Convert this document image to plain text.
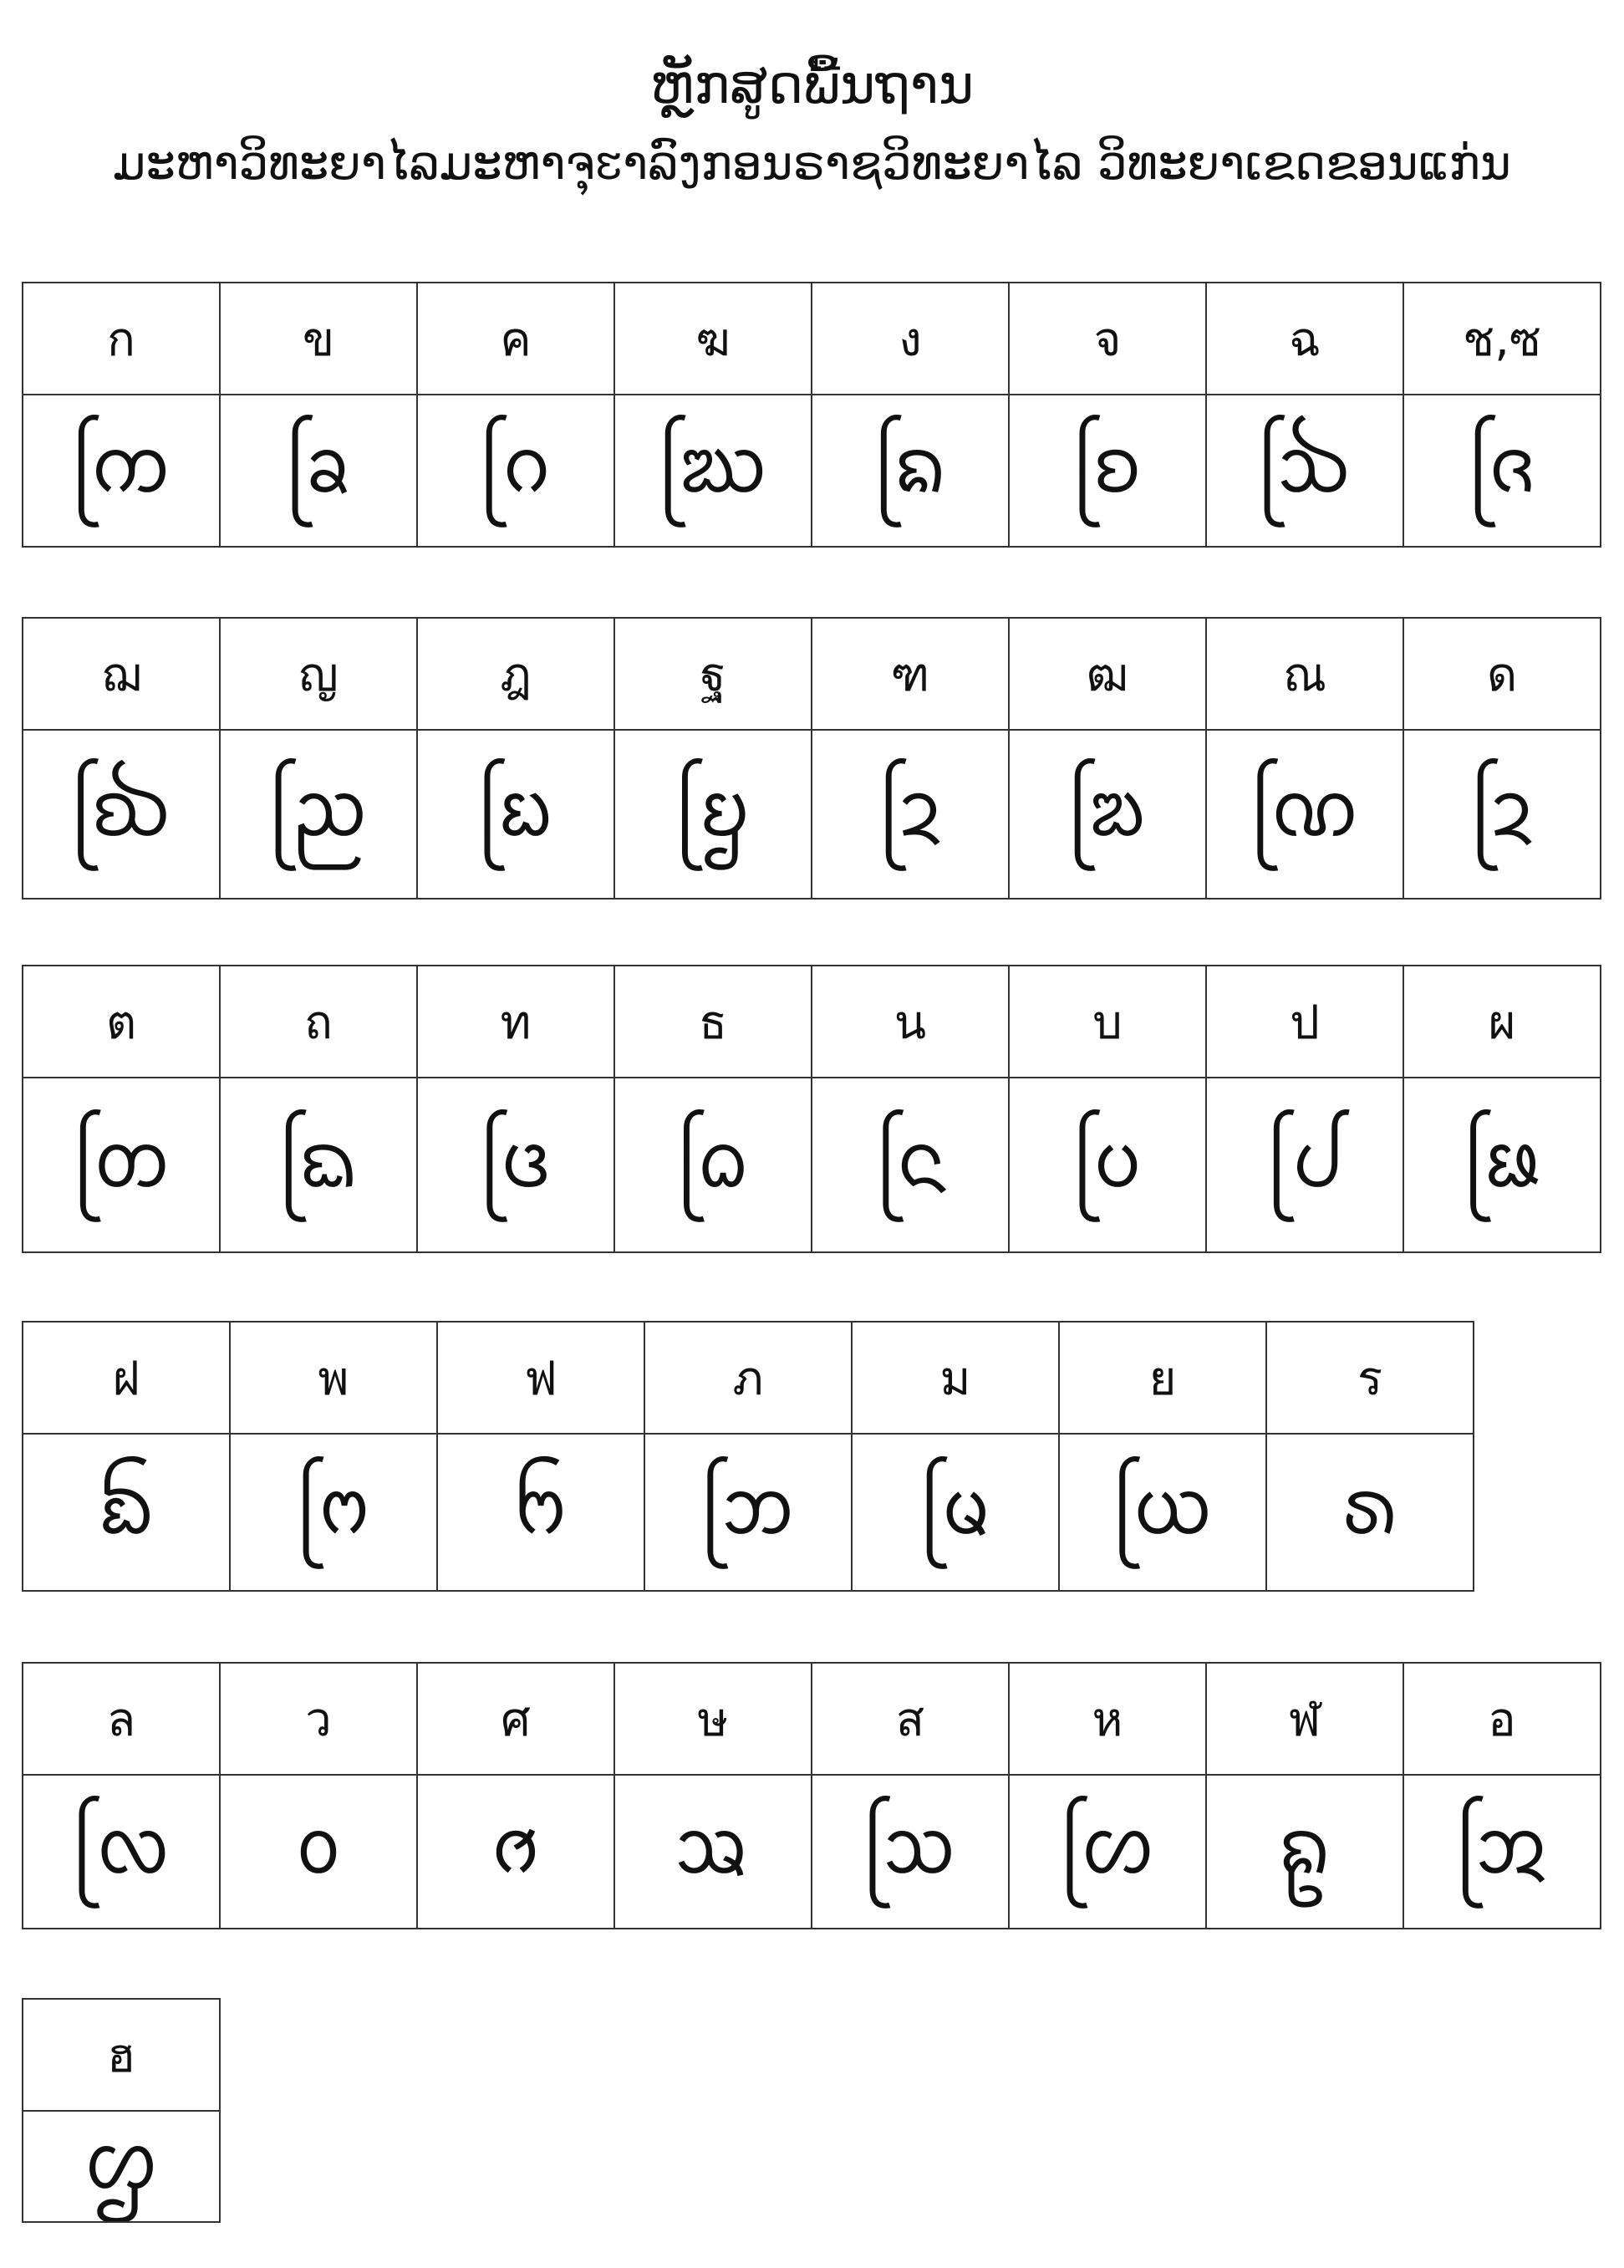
ຫຼັກສູດພື້ນຖານ
ມະຫາວິທະຍາໄລມະຫາຈຸຬາລົງກອນຣາຊວິທະຍາໄລ ວິທະຍາເຂດຂອນແກ່ນ
ก	ข	ค	ฆ	ง	จ	ฉ	ช,ซ
ᨠᩕ ᨡᩕ ᨣᩕ ᨥᩕ ᨦᩕ ᨧᩕ ᨨᩕ ᨩᩕ
ฌ	ญ	ฎ	ฐ	ฑ	ฒ	ณ	ด
ᨫᩕ ᨬᩕ ᨭᩕ ᨮᩕ ᨯᩕ ᨰᩕ ᨱᩕ ᨯᩕ
ต	ถ	ท	ธ	น	บ	ป	ผ
ᨲᩕ ᨳᩕ ᨴᩕ ᨵᩕ ᨶᩕ ᨷᩕ ᨸᩕ ᨹᩕ
ฝ	พ	ฟ	ภ	ม	ย	ร
ᨺ ᨻᩕ ᨼ ᨽᩕ ᨾᩕ ᨿᩕ ᩁ
ล	ว	ศ	ษ	ส	ห	ฬ	อ
ᩃᩕ ᩅ ᩆ ᩇ ᩈᩕ ᩉᩕ ᩊ ᩋᩕ
ฮ
ᩌ
